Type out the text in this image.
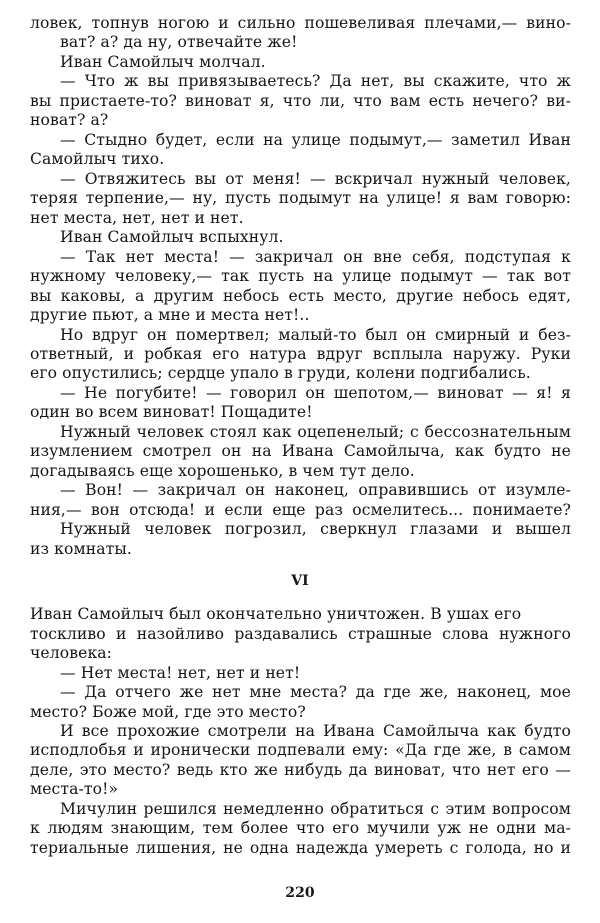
ловек, топнув ногою и сильно пошевеливая плечами,— вино-
ват? а? да ну, отвечайте же!
Иван Самойлыч молчал.
— Что ж вы привязываетесь? Да нет, вы скажите, что ж
вы пристаете-то? виноват я, что ли, что вам есть нечего? ви-
новат? а?
— Стыдно будет, если на улице подымут,— заметил Иван
Самойлыч тихо.
— Отвяжитесь вы от меня! — вскричал нужный человек,
теряя терпение,— ну, пусть подымут на улице! я вам говорю:
нет места, нет, нет и нет.
Иван Самойлыч вспыхнул.
— Так нет места! — закричал он вне себя, подступая к
нужному человеку,— так пусть на улице подымут — так вот
вы каковы, а другим небось есть место, другие небось едят,
другие пьют, а мне и места нет!..
Но вдруг он помертвел; малый-то был он смирный и без-
ответный, и робкая его натура вдруг всплыла наружу. Руки
его опустились; сердце упало в груди, колени подгибались.
— Не погубите! — говорил он шепотом,— виноват — я! я
один во всем виноват! Пощадите!
Нужный человек стоял как оцепенелый; с бессознательным
изумлением смотрел он на Ивана Самойлыча, как будто не
догадываясь еще хорошенько, в чем тут дело.
— Вон! — закричал он наконец, оправившись от изумле-
ния,— вон отсюда! и если еще раз осмелитесь... понимаете?
Нужный человек погрозил, сверкнул глазами и вышел
из комнаты.
VI
Иван Самойлыч был окончательно уничтожен. В ушах его
тоскливо и назойливо раздавались страшные слова нужного
человека:
— Нет места! нет, нет и нет!
— Да отчего же нет мне места? да где же, наконец, мое
место? Боже мой, где это место?
И все прохожие смотрели на Ивана Самойлыча как будто
исподлобья и иронически подпевали ему: «Да где же, в самом
деле, это место? ведь кто же нибудь да виноват, что нет его —
места-то!»
Мичулин решился немедленно обратиться с этим вопросом
к людям знающим, тем более что его мучили уж не одни ма-
териальные лишения, не одна надежда умереть с голода, но и
220
